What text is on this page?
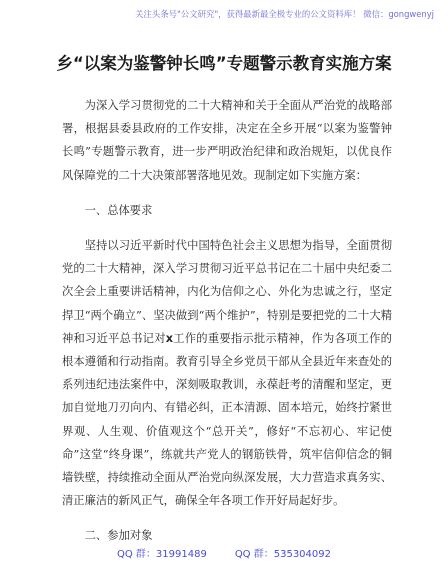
关注头条号"公文研究"，获得最新最全极专业的公文资料库！ 微信：gongwenyj
乡“以案为鉴警钟长鸣”专题警示教育实施方案

为深入学习贯彻党的二十大精神和关于全面从严治党的战略部署，根据县委县政府的工作安排，决定在全乡开展“以案为鉴警钟长鸣”专题警示教育，进一步严明政治纪律和政治规矩，以优良作风保障党的二十大决策部署落地见效。现制定如下实施方案：

一、总体要求

坚持以习近平新时代中国特色社会主义思想为指导，全面贯彻党的二十大精神，深入学习贯彻习近平总书记在二十届中央纪委二次全会上重要讲话精神，内化为信仰之心、外化为忠诚之行，坚定捍卫“两个确立”、坚决做到“两个维护”，特别是要把党的二十大精神和习近平总书记对x工作的重要指示批示精神，作为各项工作的根本遵循和行动指南。教育引导全乡党员干部从全县近年来查处的系列违纪违法案件中，深刻吸取教训，永葆赶考的清醒和坚定，更加自觉地刀刃向内、有错必纠，正本清源、固本培元，始终拧紧世界观、人生观、价值观这个“总开关”，修好“不忘初心、牢记使命”这堂“终身课”，练就共产党人的钢筋铁骨，筑牢信仰信念的铜墙铁壁，持续推动全面从严治党向纵深发展，大力营造求真务实、清正廉洁的新风正气，确保全年各项工作开好局起好步。

二、参加对象

QQ 群：31991489	QQ 群：535304092
